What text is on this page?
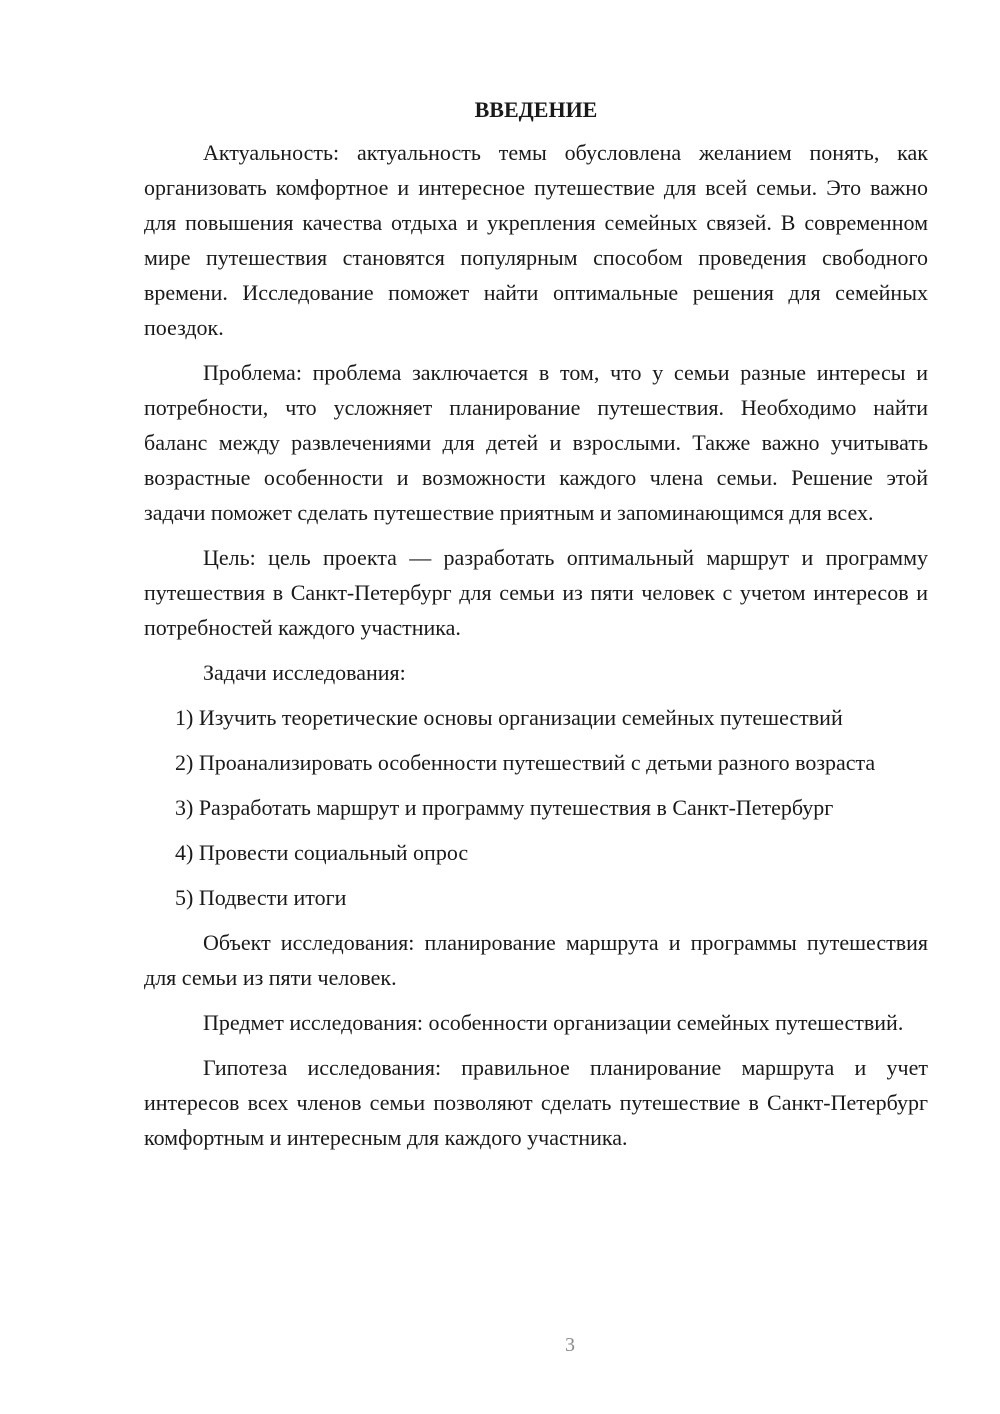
ВВЕДЕНИЕ

Актуальность: актуальность темы обусловлена желанием понять, как организовать комфортное и интересное путешествие для всей семьи. Это важно для повышения качества отдыха и укрепления семейных связей. В современном мире путешествия становятся популярным способом проведения свободного времени. Исследование поможет найти оптимальные решения для семейных поездок.

Проблема: проблема заключается в том, что у семьи разные интересы и потребности, что усложняет планирование путешествия. Необходимо найти баланс между развлечениями для детей и взрослыми. Также важно учитывать возрастные особенности и возможности каждого члена семьи. Решение этой задачи поможет сделать путешествие приятным и запоминающимся для всех.

Цель: цель проекта — разработать оптимальный маршрут и программу путешествия в Санкт-Петербург для семьи из пяти человек с учетом интересов и потребностей каждого участника.

Задачи исследования:

1) Изучить теоретические основы организации семейных путешествий

2) Проанализировать особенности путешествий с детьми разного возраста

3) Разработать маршрут и программу путешествия в Санкт-Петербург

4) Провести социальный опрос

5) Подвести итоги

Объект исследования: планирование маршрута и программы путешествия для семьи из пяти человек.

Предмет исследования: особенности организации семейных путешествий.

Гипотеза исследования: правильное планирование маршрута и учет интересов всех членов семьи позволяют сделать путешествие в Санкт-Петербург комфортным и интересным для каждого участника.

3
